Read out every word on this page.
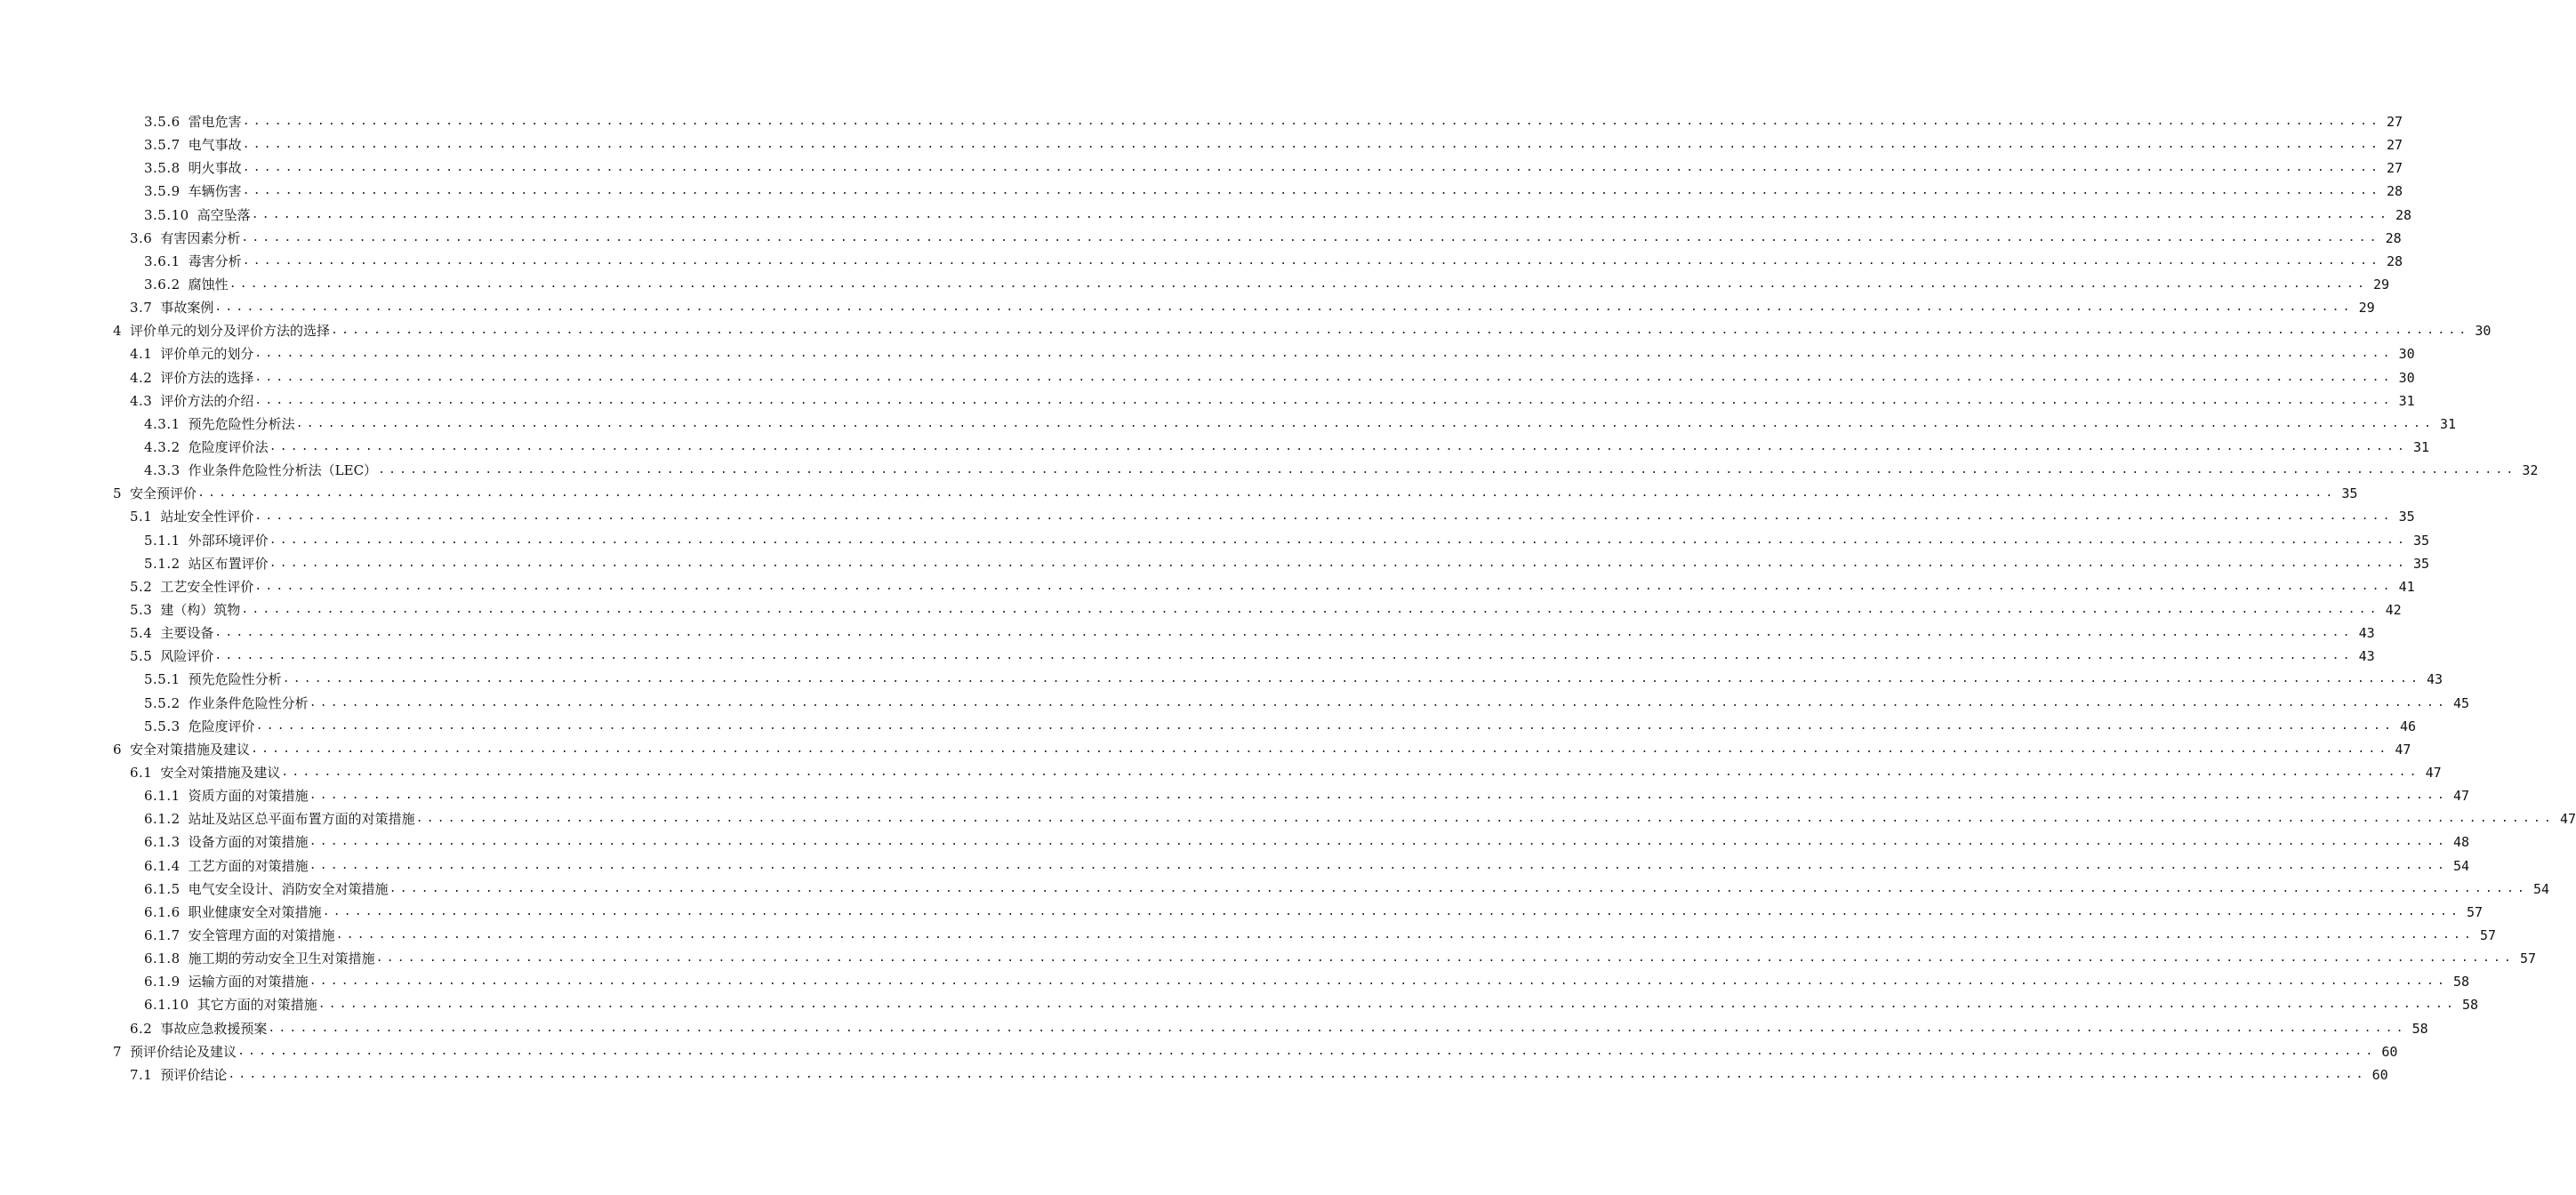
3.5.6 雷电危害 ........................................................................................................................................................................................................ 27
3.5.7 电气事故 ........................................................................................................................................................................................................ 27
3.5.8 明火事故 ........................................................................................................................................................................................................ 27
3.5.9 车辆伤害 ........................................................................................................................................................................................................ 28
3.5.10 高空坠落 ........................................................................................................................................................................................................ 28
3.6 有害因素分析 ........................................................................................................................................................................................................ 28
3.6.1 毒害分析 ........................................................................................................................................................................................................ 28
3.6.2 腐蚀性 ........................................................................................................................................................................................................ 29
3.7 事故案例 ........................................................................................................................................................................................................ 29
4 评价单元的划分及评价方法的选择 ........................................................................................................................................................................................................ 30
4.1 评价单元的划分 ........................................................................................................................................................................................................ 30
4.2 评价方法的选择 ........................................................................................................................................................................................................ 30
4.3 评价方法的介绍 ........................................................................................................................................................................................................ 31
4.3.1 预先危险性分析法 ........................................................................................................................................................................................................ 31
4.3.2 危险度评价法 ........................................................................................................................................................................................................ 31
4.3.3 作业条件危险性分析法（LEC） ........................................................................................................................................................................................................ 32
5 安全预评价 ........................................................................................................................................................................................................ 35
5.1 站址安全性评价 ........................................................................................................................................................................................................ 35
5.1.1 外部环境评价 ........................................................................................................................................................................................................ 35
5.1.2 站区布置评价 ........................................................................................................................................................................................................ 35
5.2 工艺安全性评价 ........................................................................................................................................................................................................ 41
5.3 建（构）筑物 ........................................................................................................................................................................................................ 42
5.4 主要设备 ........................................................................................................................................................................................................ 43
5.5 风险评价 ........................................................................................................................................................................................................ 43
5.5.1 预先危险性分析 ........................................................................................................................................................................................................ 43
5.5.2 作业条件危险性分析 ........................................................................................................................................................................................................ 45
5.5.3 危险度评价 ........................................................................................................................................................................................................ 46
6 安全对策措施及建议 ........................................................................................................................................................................................................ 47
6.1 安全对策措施及建议 ........................................................................................................................................................................................................ 47
6.1.1 资质方面的对策措施 ........................................................................................................................................................................................................ 47
6.1.2 站址及站区总平面布置方面的对策措施 ........................................................................................................................................................................................................ 47
6.1.3 设备方面的对策措施 ........................................................................................................................................................................................................ 48
6.1.4 工艺方面的对策措施 ........................................................................................................................................................................................................ 54
6.1.5 电气安全设计、消防安全对策措施 ........................................................................................................................................................................................................ 54
6.1.6 职业健康安全对策措施 ........................................................................................................................................................................................................ 57
6.1.7 安全管理方面的对策措施 ........................................................................................................................................................................................................ 57
6.1.8 施工期的劳动安全卫生对策措施 ........................................................................................................................................................................................................ 57
6.1.9 运输方面的对策措施 ........................................................................................................................................................................................................ 58
6.1.10 其它方面的对策措施 ........................................................................................................................................................................................................ 58
6.2 事故应急救援预案 ........................................................................................................................................................................................................ 58
7 预评价结论及建议 ........................................................................................................................................................................................................ 60
7.1 预评价结论 ........................................................................................................................................................................................................ 60
